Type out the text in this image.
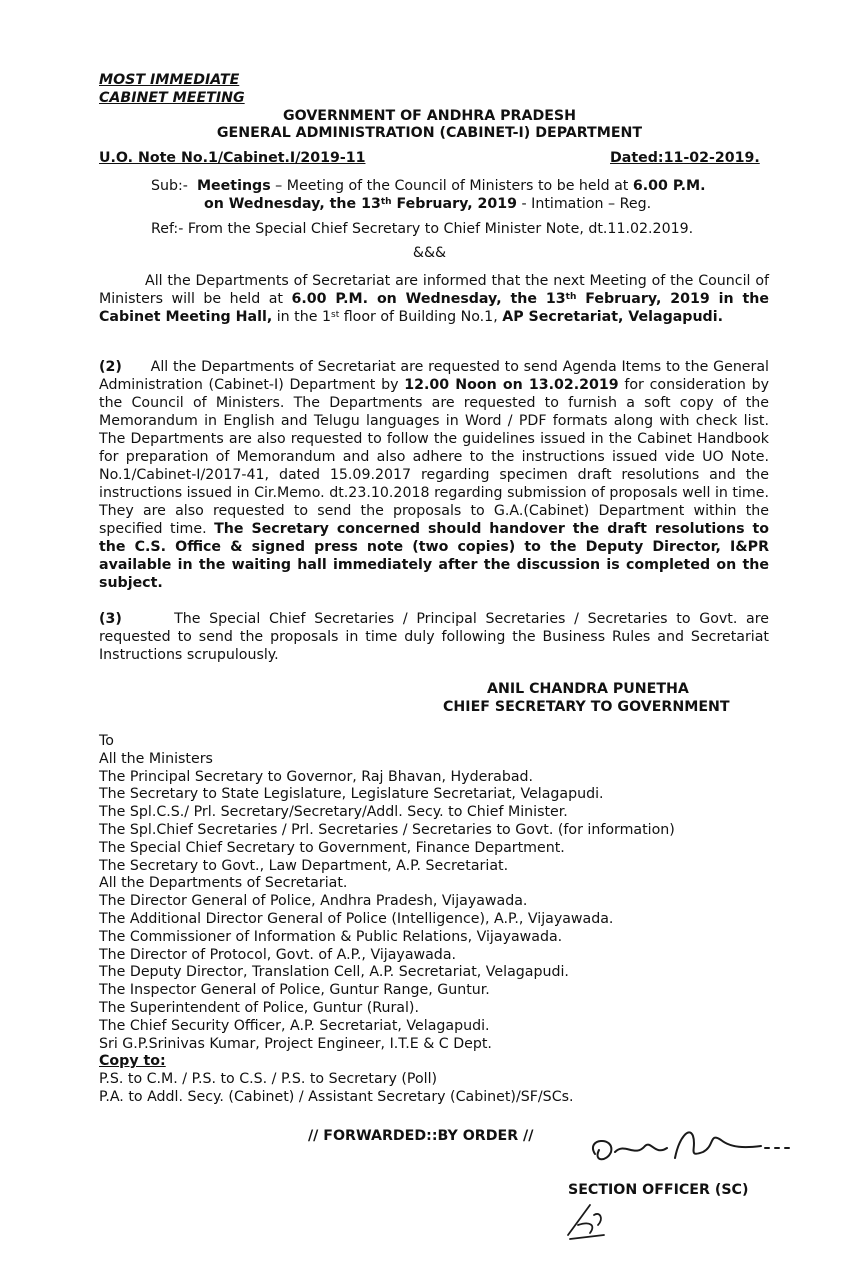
MOST IMMEDIATE
CABINET MEETING
GOVERNMENT OF ANDHRA PRADESH
GENERAL ADMINISTRATION (CABINET-I) DEPARTMENT
U.O. Note No.1/Cabinet.I/2019-11	Dated:11-02-2019.
Sub:- Meetings – Meeting of the Council of Ministers to be held at 6.00 P.M.
on Wednesday, the 13th February, 2019 - Intimation – Reg.
Ref:- From the Special Chief Secretary to Chief Minister Note, dt.11.02.2019.
&&&
All the Departments of Secretariat are informed that the next Meeting of the Council of Ministers will be held at 6.00 P.M. on Wednesday, the 13th February, 2019 in the Cabinet Meeting Hall, in the 1st floor of Building No.1, AP Secretariat, Velagapudi.
(2) All the Departments of Secretariat are requested to send Agenda Items to the General Administration (Cabinet-I) Department by 12.00 Noon on 13.02.2019 for consideration by the Council of Ministers. The Departments are requested to furnish a soft copy of the Memorandum in English and Telugu languages in Word / PDF formats along with check list. The Departments are also requested to follow the guidelines issued in the Cabinet Handbook for preparation of Memorandum and also adhere to the instructions issued vide UO Note. No.1/Cabinet-I/2017-41, dated 15.09.2017 regarding specimen draft resolutions and the instructions issued in Cir.Memo. dt.23.10.2018 regarding submission of proposals well in time. They are also requested to send the proposals to G.A.(Cabinet) Department within the specified time. The Secretary concerned should handover the draft resolutions to the C.S. Office & signed press note (two copies) to the Deputy Director, I&PR available in the waiting hall immediately after the discussion is completed on the subject.
(3)	The Special Chief Secretaries / Principal Secretaries / Secretaries to Govt. are requested to send the proposals in time duly following the Business Rules and Secretariat Instructions scrupulously.
ANIL CHANDRA PUNETHA
CHIEF SECRETARY TO GOVERNMENT
To
All the Ministers
The Principal Secretary to Governor, Raj Bhavan, Hyderabad.
The Secretary to State Legislature, Legislature Secretariat, Velagapudi.
The Spl.C.S./ Prl. Secretary/Secretary/Addl. Secy. to Chief Minister.
The Spl.Chief Secretaries / Prl. Secretaries / Secretaries to Govt. (for information)
The Special Chief Secretary to Government, Finance Department.
The Secretary to Govt., Law Department, A.P. Secretariat.
All the Departments of Secretariat.
The Director General of Police, Andhra Pradesh, Vijayawada.
The Additional Director General of Police (Intelligence), A.P., Vijayawada.
The Commissioner of Information & Public Relations, Vijayawada.
The Director of Protocol, Govt. of A.P., Vijayawada.
The Deputy Director, Translation Cell, A.P. Secretariat, Velagapudi.
The Inspector General of Police, Guntur Range, Guntur.
The Superintendent of Police, Guntur (Rural).
The Chief Security Officer, A.P. Secretariat, Velagapudi.
Sri G.P.Srinivas Kumar, Project Engineer, I.T.E & C Dept.
Copy to:
P.S. to C.M. / P.S. to C.S. / P.S. to Secretary (Poll)
P.A. to Addl. Secy. (Cabinet) / Assistant Secretary (Cabinet)/SF/SCs.
// FORWARDED::BY ORDER //
SECTION OFFICER (SC)
